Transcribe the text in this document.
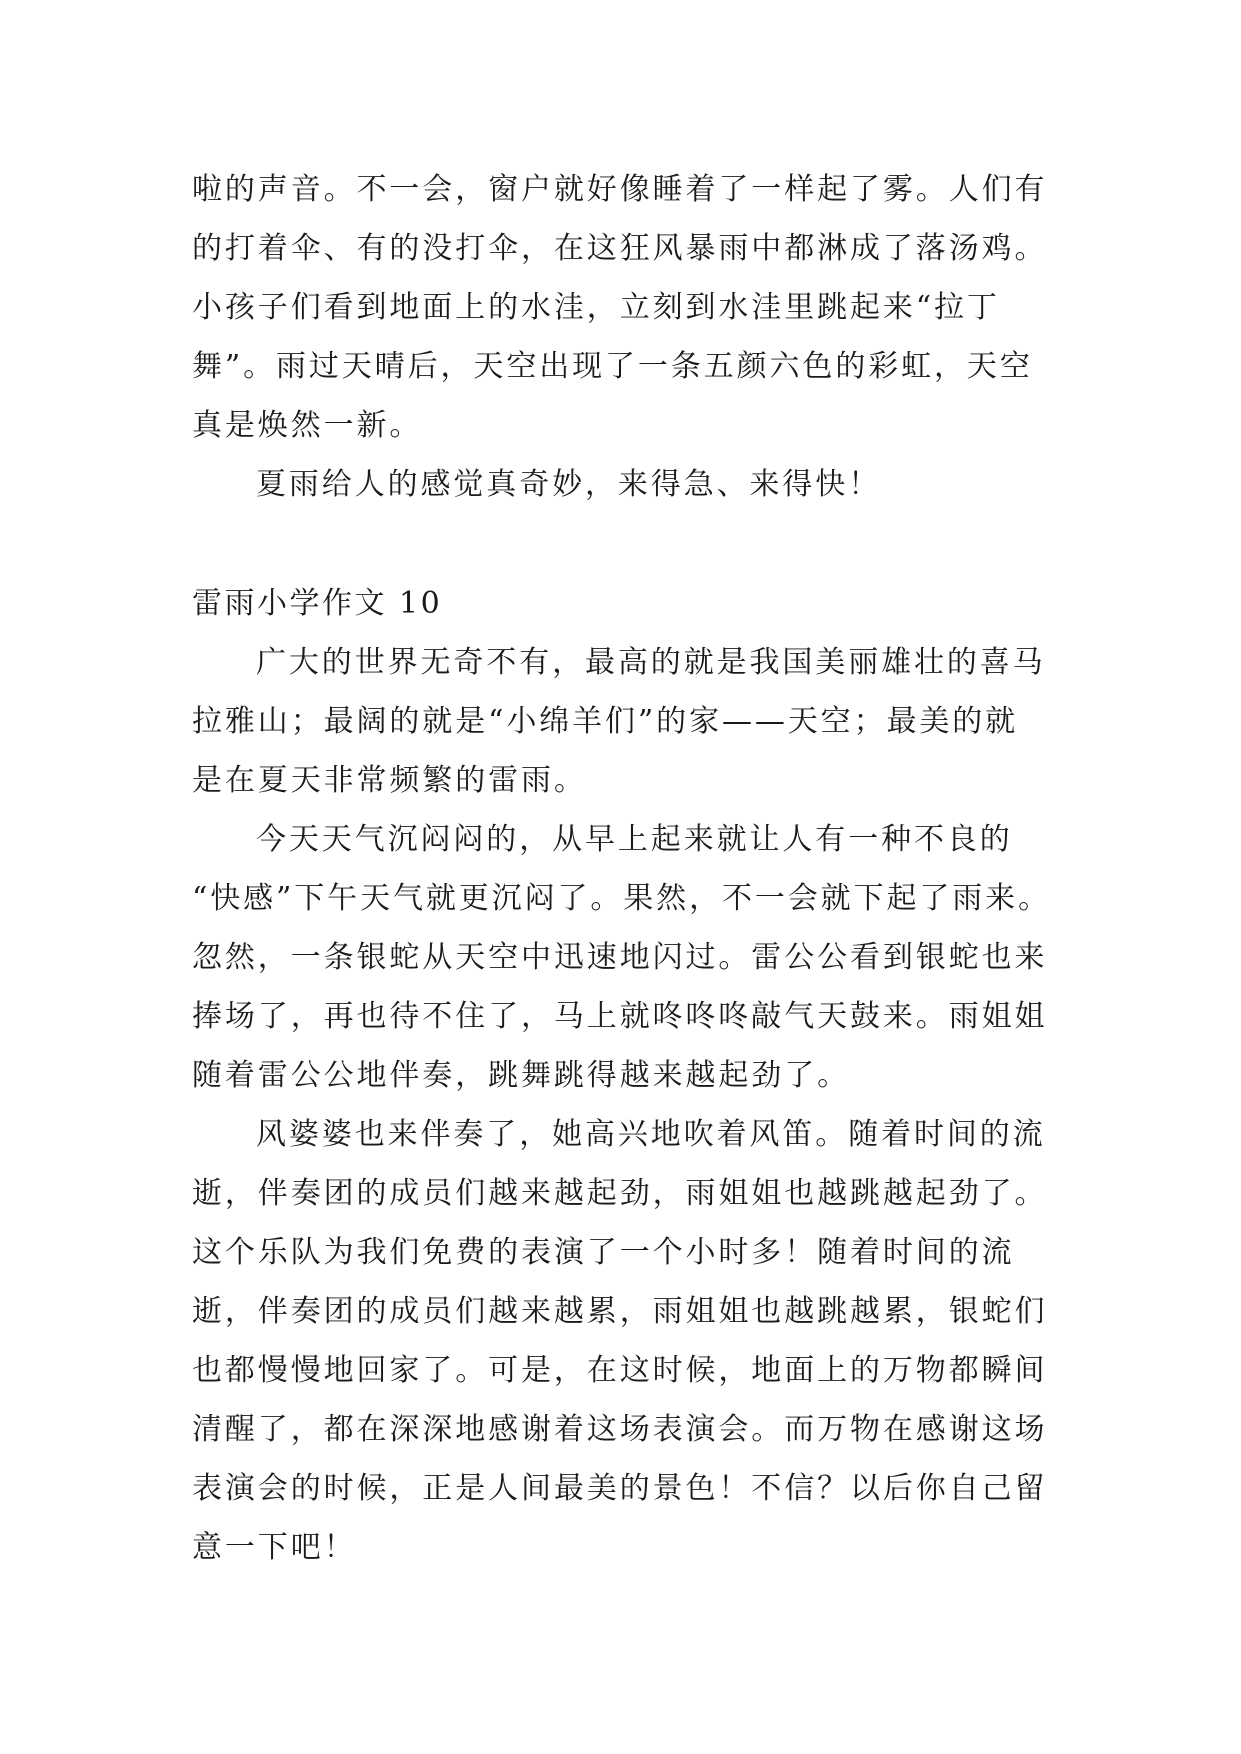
啦的声音。不一会，窗户就好像睡着了一样起了雾。人们有
的打着伞、有的没打伞，在这狂风暴雨中都淋成了落汤鸡。
小孩子们看到地面上的水洼，立刻到水洼里跳起来“拉丁
舞”。雨过天晴后，天空出现了一条五颜六色的彩虹，天空
真是焕然一新。
夏雨给人的感觉真奇妙，来得急、来得快！
雷雨小学作文 10
广大的世界无奇不有，最高的就是我国美丽雄壮的喜马
拉雅山；最阔的就是“小绵羊们”的家——天空；最美的就
是在夏天非常频繁的雷雨。
今天天气沉闷闷的，从早上起来就让人有一种不良的
“快感”下午天气就更沉闷了。果然，不一会就下起了雨来。
忽然，一条银蛇从天空中迅速地闪过。雷公公看到银蛇也来
捧场了，再也待不住了，马上就咚咚咚敲气天鼓来。雨姐姐
随着雷公公地伴奏，跳舞跳得越来越起劲了。
风婆婆也来伴奏了，她高兴地吹着风笛。随着时间的流
逝，伴奏团的成员们越来越起劲，雨姐姐也越跳越起劲了。
这个乐队为我们免费的表演了一个小时多！随着时间的流
逝，伴奏团的成员们越来越累，雨姐姐也越跳越累，银蛇们
也都慢慢地回家了。可是，在这时候，地面上的万物都瞬间
清醒了，都在深深地感谢着这场表演会。而万物在感谢这场
表演会的时候，正是人间最美的景色！不信？以后你自己留
意一下吧！
